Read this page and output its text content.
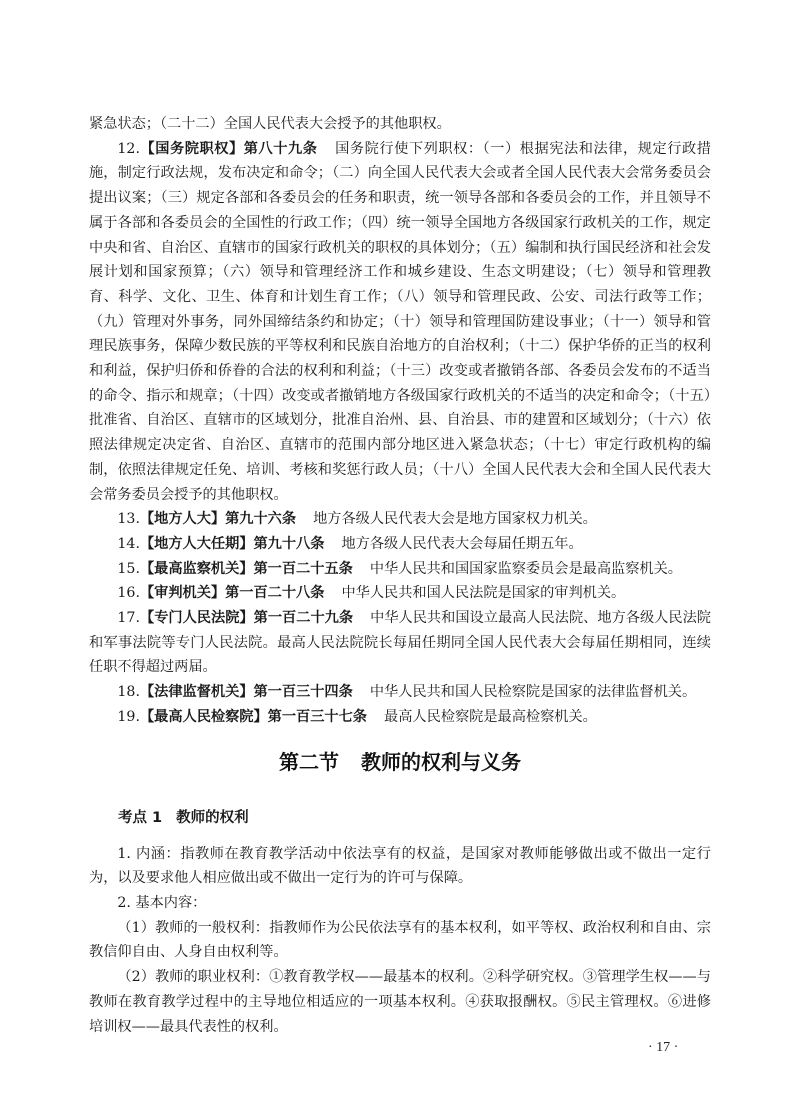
紧急状态；（二十二）全国人民代表大会授予的其他职权。

12.【国务院职权】第八十九条 国务院行使下列职权：（一）根据宪法和法律，规定行政措施，制定行政法规，发布决定和命令；（二）向全国人民代表大会或者全国人民代表大会常务委员会提出议案；（三）规定各部和各委员会的任务和职责，统一领导各部和各委员会的工作，并且领导不属于各部和各委员会的全国性的行政工作；（四）统一领导全国地方各级国家行政机关的工作，规定中央和省、自治区、直辖市的国家行政机关的职权的具体划分；（五）编制和执行国民经济和社会发展计划和国家预算；（六）领导和管理经济工作和城乡建设、生态文明建设；（七）领导和管理教育、科学、文化、卫生、体育和计划生育工作；（八）领导和管理民政、公安、司法行政等工作；（九）管理对外事务，同外国缔结条约和协定；（十）领导和管理国防建设事业；（十一）领导和管理民族事务，保障少数民族的平等权利和民族自治地方的自治权利；（十二）保护华侨的正当的权利和利益，保护归侨和侨眷的合法的权利和利益；（十三）改变或者撤销各部、各委员会发布的不适当的命令、指示和规章；（十四）改变或者撤销地方各级国家行政机关的不适当的决定和命令；（十五）批准省、自治区、直辖市的区域划分，批准自治州、县、自治县、市的建置和区域划分；（十六）依照法律规定决定省、自治区、直辖市的范围内部分地区进入紧急状态；（十七）审定行政机构的编制，依照法律规定任免、培训、考核和奖惩行政人员；（十八）全国人民代表大会和全国人民代表大会常务委员会授予的其他职权。

13.【地方人大】第九十六条 地方各级人民代表大会是地方国家权力机关。

14.【地方人大任期】第九十八条 地方各级人民代表大会每届任期五年。

15.【最高监察机关】第一百二十五条 中华人民共和国国家监察委员会是最高监察机关。

16.【审判机关】第一百二十八条 中华人民共和国人民法院是国家的审判机关。

17.【专门人民法院】第一百二十九条 中华人民共和国设立最高人民法院、地方各级人民法院和军事法院等专门人民法院。最高人民法院院长每届任期同全国人民代表大会每届任期相同，连续任职不得超过两届。

18.【法律监督机关】第一百三十四条 中华人民共和国人民检察院是国家的法律监督机关。

19.【最高人民检察院】第一百三十七条 最高人民检察院是最高检察机关。

第二节 教师的权利与义务
考点 1 教师的权利

1. 内涵：指教师在教育教学活动中依法享有的权益，是国家对教师能够做出或不做出一定行为，以及要求他人相应做出或不做出一定行为的许可与保障。

2. 基本内容：

（1）教师的一般权利：指教师作为公民依法享有的基本权利，如平等权、政治权利和自由、宗教信仰自由、人身自由权利等。

（2）教师的职业权利：①教育教学权——最基本的权利。②科学研究权。③管理学生权——与教师在教育教学过程中的主导地位相适应的一项基本权利。④获取报酬权。⑤民主管理权。⑥进修培训权——最具代表性的权利。

· 17 ·
